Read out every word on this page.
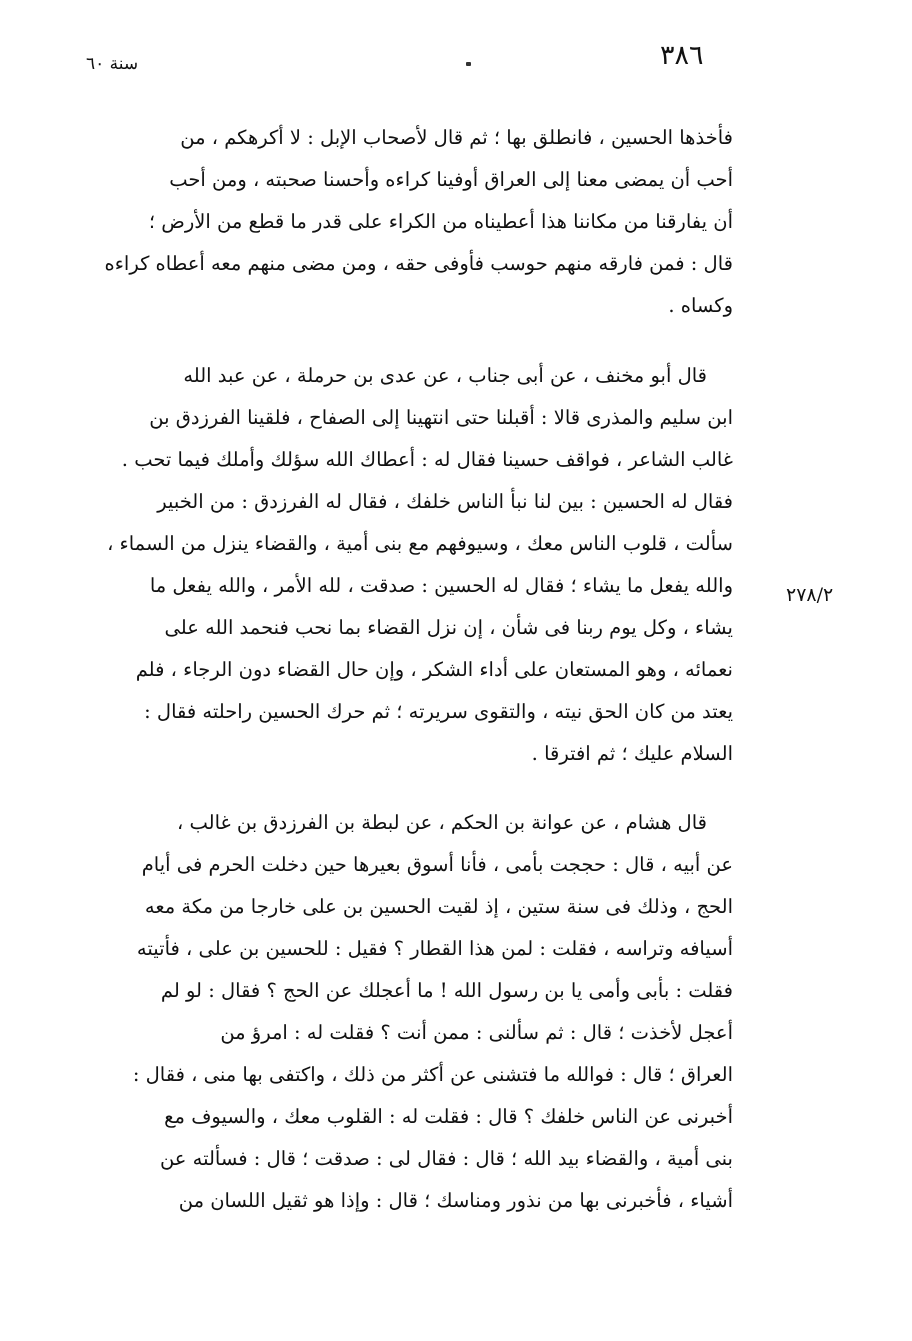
٣٨٦
سنة ٦٠
فأخذها الحسين ، فانطلق بها ؛ ثم قال لأصحاب الإبل : لا أكرهكم ، من
أحب أن يمضى معنا إلى العراق أوفينا كراءه وأحسنا صحبته ، ومن أحب
أن يفارقنا من مكاننا هذا أعطيناه من الكراء على قدر ما قطع من الأرض ؛
قال : فمن فارقه منهم حوسب فأوفى حقه ، ومن مضى منهم معه أعطاه كراءه
وكساه .
قال أبو مخنف ، عن أبى جناب ، عن عدى بن حرملة ، عن عبد الله
ابن سليم والمذرى قالا : أقبلنا حتى انتهينا إلى الصفاح ، فلقينا الفرزدق بن
غالب الشاعر ، فواقف حسينا فقال له : أعطاك الله سؤلك وأملك فيما تحب .
فقال له الحسين : بين لنا نبأ الناس خلفك ، فقال له الفرزدق : من الخبير
سألت ، قلوب الناس معك ، وسيوفهم مع بنى أمية ، والقضاء ينزل من السماء ،
والله يفعل ما يشاء ؛ فقال له الحسين : صدقت ، لله الأمر ، والله يفعل ما
يشاء ، وكل يوم ربنا فى شأن ، إن نزل القضاء بما نحب فنحمد الله على
نعمائه ، وهو المستعان على أداء الشكر ، وإن حال القضاء دون الرجاء ، فلم
يعتد من كان الحق نيته ، والتقوى سريرته ؛ ثم حرك الحسين راحلته فقال :
السلام عليك ؛ ثم افترقا .
٢٧٨/٢
قال هشام ، عن عوانة بن الحكم ، عن لبطة بن الفرزدق بن غالب ،
عن أبيه ، قال : حججت بأمى ، فأنا أسوق بعيرها حين دخلت الحرم فى أيام
الحج ، وذلك فى سنة ستين ، إذ لقيت الحسين بن على خارجا من مكة معه
أسيافه وتراسه ، فقلت : لمن هذا القطار ؟ فقيل : للحسين بن على ، فأتيته
فقلت : بأبى وأمى يا بن رسول الله ! ما أعجلك عن الحج ؟ فقال : لو لم
أعجل لأخذت ؛ قال : ثم سألنى : ممن أنت ؟ فقلت له : امرؤ من
العراق ؛ قال : فوالله ما فتشنى عن أكثر من ذلك ، واكتفى بها منى ، فقال :
أخبرنى عن الناس خلفك ؟ قال : فقلت له : القلوب معك ، والسيوف مع
بنى أمية ، والقضاء بيد الله ؛ قال : فقال لى : صدقت ؛ قال : فسألته عن
أشياء ، فأخبرنى بها من نذور ومناسك ؛ قال : وإذا هو ثقيل اللسان من
